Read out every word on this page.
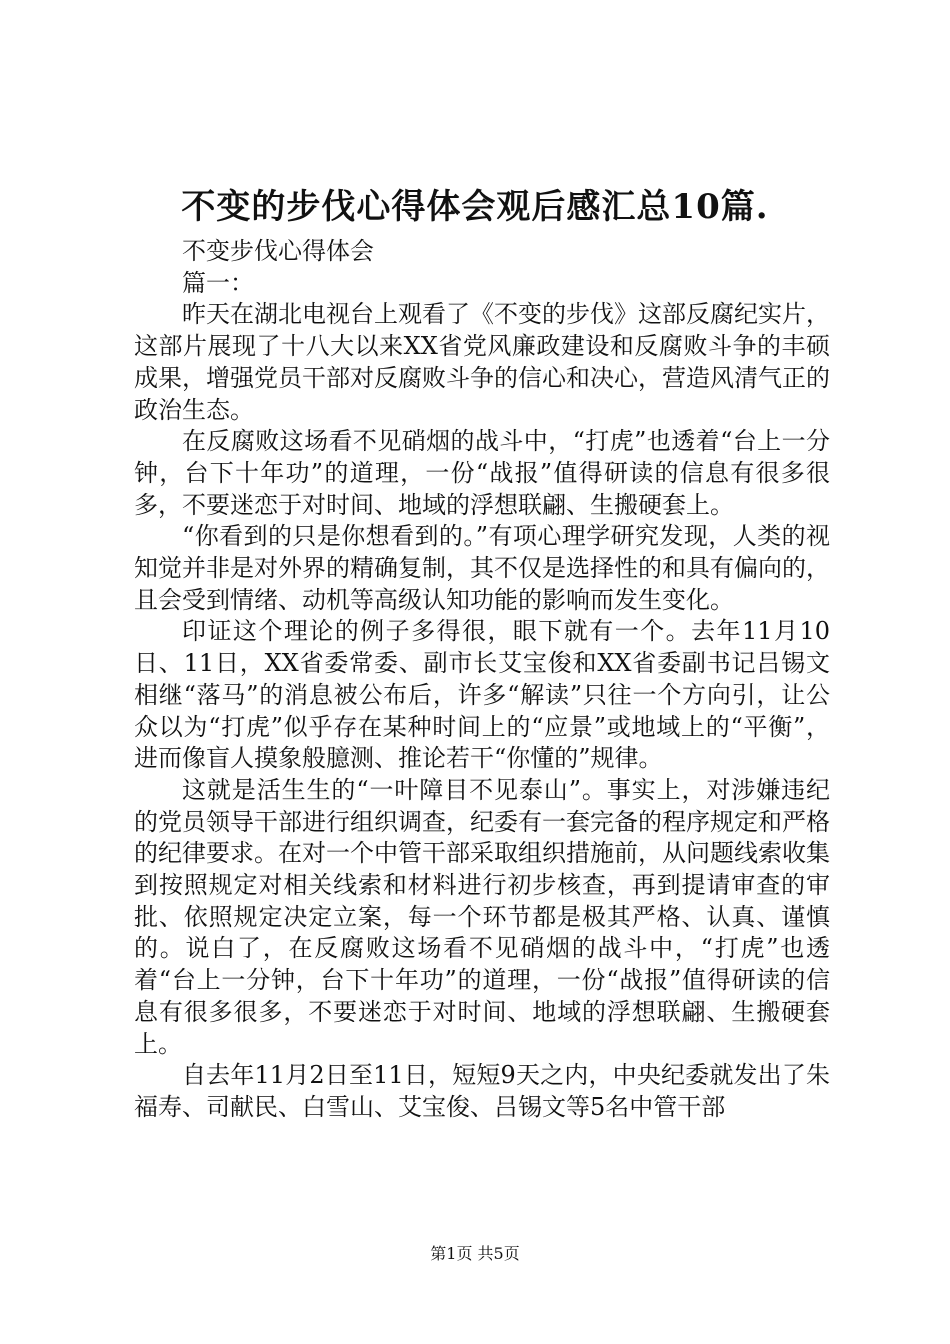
不变的步伐心得体会观后感汇总10篇.

不变步伐心得体会

篇一：

昨天在湖北电视台上观看了《不变的步伐》这部反腐纪实片，这部片展现了十八大以来XX省党风廉政建设和反腐败斗争的丰硕成果，增强党员干部对反腐败斗争的信心和决心，营造风清气正的政治生态。

在反腐败这场看不见硝烟的战斗中，“打虎”也透着“台上一分钟，台下十年功”的道理，一份“战报”值得研读的信息有很多很多，不要迷恋于对时间、地域的浮想联翩、生搬硬套上。

“你看到的只是你想看到的。”有项心理学研究发现，人类的视知觉并非是对外界的精确复制，其不仅是选择性的和具有偏向的，且会受到情绪、动机等高级认知功能的影响而发生变化。

印证这个理论的例子多得很，眼下就有一个。去年11月10日、11日，XX省委常委、副市长艾宝俊和XX省委副书记吕锡文相继“落马”的消息被公布后，许多“解读”只往一个方向引，让公众以为“打虎”似乎存在某种时间上的“应景”或地域上的“平衡”，进而像盲人摸象般臆测、推论若干“你懂的”规律。

这就是活生生的“一叶障目不见泰山”。事实上，对涉嫌违纪的党员领导干部进行组织调查，纪委有一套完备的程序规定和严格的纪律要求。在对一个中管干部采取组织措施前，从问题线索收集到按照规定对相关线索和材料进行初步核查，再到提请审查的审批、依照规定决定立案，每一个环节都是极其严格、认真、谨慎的。说白了，在反腐败这场看不见硝烟的战斗中，“打虎”也透着“台上一分钟，台下十年功”的道理，一份“战报”值得研读的信息有很多很多，不要迷恋于对时间、地域的浮想联翩、生搬硬套上。

自去年11月2日至11日，短短9天之内，中央纪委就发出了朱福寿、司献民、白雪山、艾宝俊、吕锡文等5名中管干部

第1页 共5页
